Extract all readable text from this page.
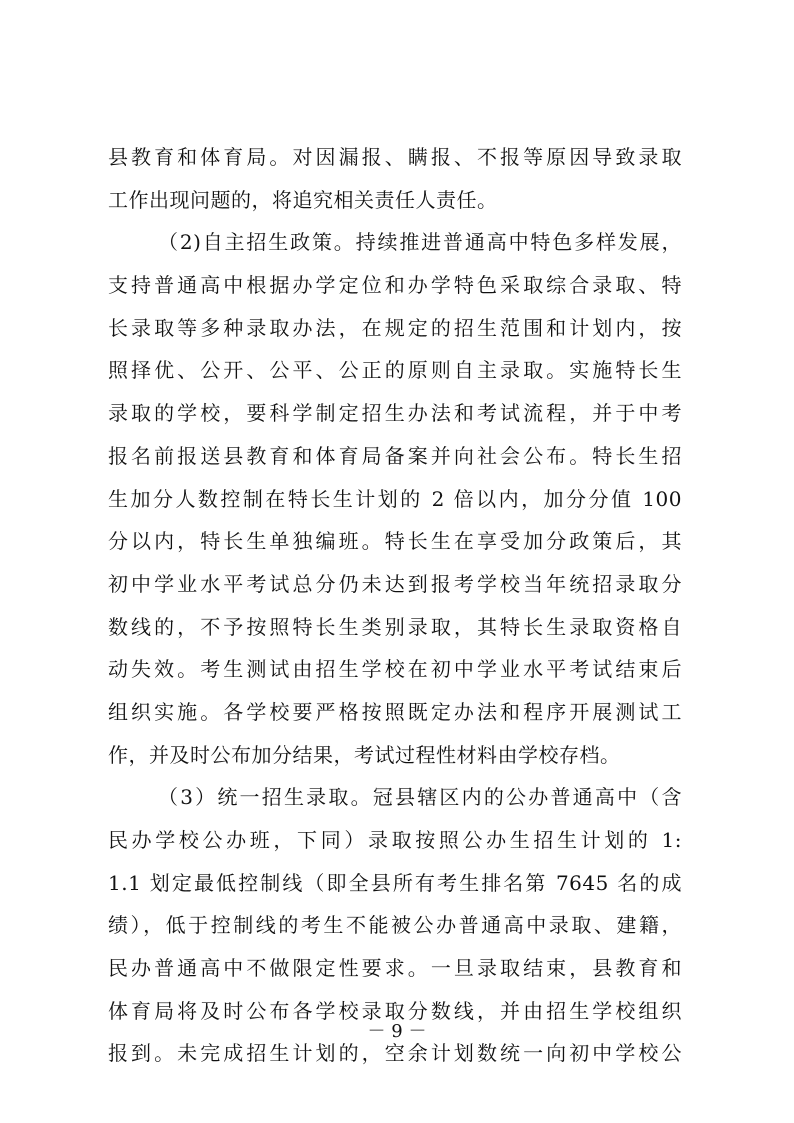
县教育和体育局。对因漏报、瞒报、不报等原因导致录取
工作出现问题的，将追究相关责任人责任。
（2)自主招生政策。持续推进普通高中特色多样发展，
支持普通高中根据办学定位和办学特色采取综合录取、特
长录取等多种录取办法，在规定的招生范围和计划内，按
照择优、公开、公平、公正的原则自主录取。实施特长生
录取的学校，要科学制定招生办法和考试流程，并于中考
报名前报送县教育和体育局备案并向社会公布。特长生招
生加分人数控制在特长生计划的 2 倍以内，加分分值 100
分以内，特长生单独编班。特长生在享受加分政策后，其
初中学业水平考试总分仍未达到报考学校当年统招录取分
数线的，不予按照特长生类别录取，其特长生录取资格自
动失效。考生测试由招生学校在初中学业水平考试结束后
组织实施。各学校要严格按照既定办法和程序开展测试工
作，并及时公布加分结果，考试过程性材料由学校存档。
（3）统一招生录取。冠县辖区内的公办普通高中（含
民办学校公办班，下同）录取按照公办生招生计划的 1:
1.1 划定最低控制线（即全县所有考生排名第 7645 名的成
绩），低于控制线的考生不能被公办普通高中录取、建籍，
民办普通高中不做限定性要求。一旦录取结束，县教育和
体育局将及时公布各学校录取分数线，并由招生学校组织
报到。未完成招生计划的，空余计划数统一向初中学校公
－ 9 －
